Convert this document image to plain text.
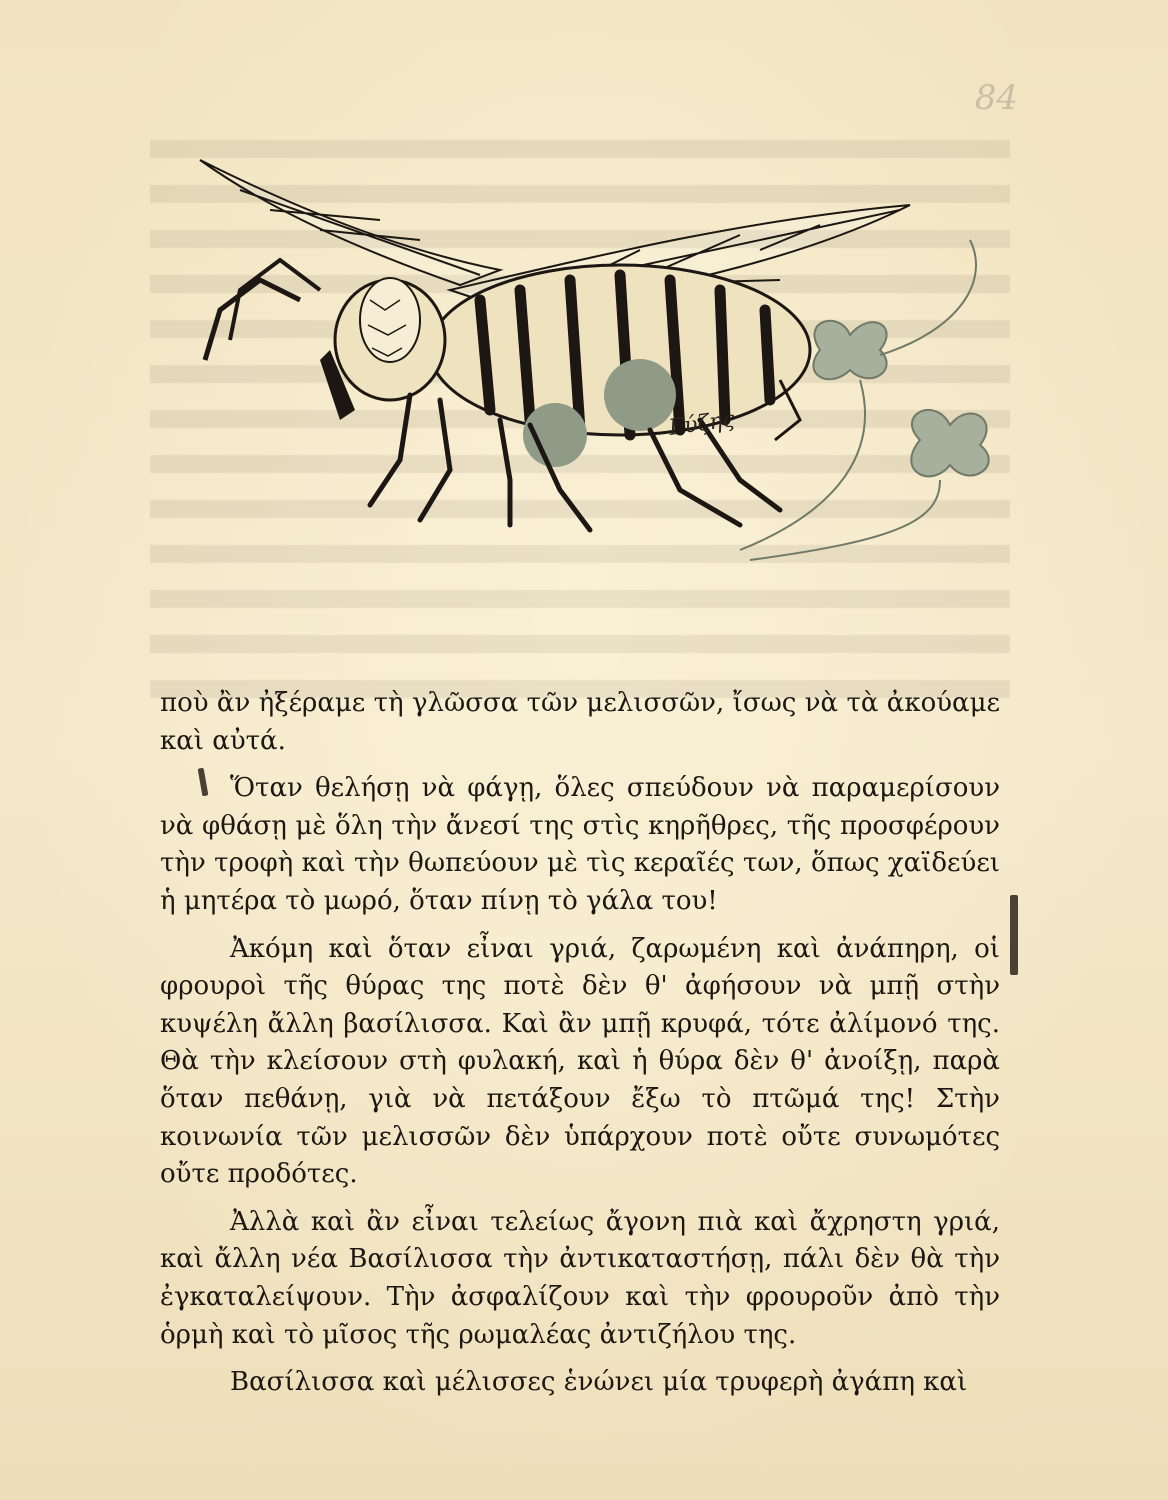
84
Γύζης

ποὺ ἂν ἠξέραμε τὴ γλῶσσα τῶν μελισσῶν, ἴσως νὰ τὰ ἀκούαμε καὶ αὐτά.

Ὅταν θελήσῃ νὰ φάγῃ, ὅλες σπεύδουν νὰ παραμερίσουν νὰ φθάσῃ μὲ ὅλη τὴν ἄνεσί της στὶς κηρῆθρες, τῆς προσφέρουν τὴν τροφὴ καὶ τὴν θωπεύουν μὲ τὶς κεραῖές των, ὅπως χαϊδεύει ἡ μητέρα τὸ μωρό, ὅταν πίνῃ τὸ γάλα του!

Ἀκόμη καὶ ὅταν εἶναι γριά, ζαρωμένη καὶ ἀνάπηρη, οἱ φρουροὶ τῆς θύρας της ποτὲ δὲν θ' ἀφήσουν νὰ μπῇ στὴν κυψέλη ἄλλη βασίλισσα. Καὶ ἂν μπῇ κρυφά, τότε ἀλίμονό της. Θὰ τὴν κλείσουν στὴ φυλακή, καὶ ἡ θύρα δὲν θ' ἀνοίξῃ, παρὰ ὅταν πεθάνῃ, γιὰ νὰ πετάξουν ἔξω τὸ πτῶμά της! Στὴν κοινωνία τῶν μελισσῶν δὲν ὑπάρχουν ποτὲ οὔτε συνωμότες οὔτε προδότες.

Ἀλλὰ καὶ ἂν εἶναι τελείως ἄγονη πιὰ καὶ ἄχρηστη γριά, καὶ ἄλλη νέα Βασίλισσα τὴν ἀντικαταστήσῃ, πάλι δὲν θὰ τὴν ἐγκαταλείψουν. Τὴν ἀσφαλίζουν καὶ τὴν φρουροῦν ἀπὸ τὴν ὁρμὴ καὶ τὸ μῖσος τῆς ρωμαλέας ἀντιζήλου της.

Βασίλισσα καὶ μέλισσες ἑνώνει μία τρυφερὴ ἀγάπη καὶ
